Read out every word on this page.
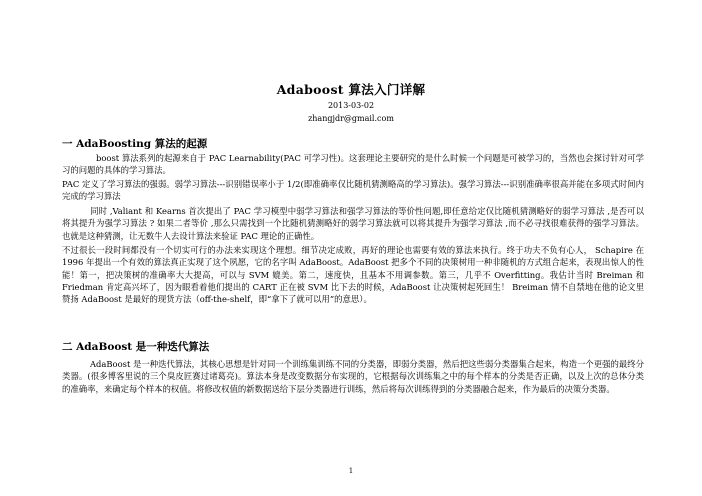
Adaboost 算法入门详解
2013-03-02
zhangjdr@gmail.com
一 AdaBoosting 算法的起源

boost 算法系列的起源来自于 PAC Learnability(PAC 可学习性)。这套理论主要研究的是什么时候一个问题是可被学习的，当然也会探讨针对可学习的问题的具体的学习算法。

PAC 定义了学习算法的强弱。弱学习算法---识别错误率小于 1/2(即准确率仅比随机猜测略高的学习算法)。强学习算法---识别准确率很高并能在多项式时间内完成的学习算法

同时 ,Valiant 和 Kearns 首次提出了 PAC 学习模型中弱学习算法和强学习算法的等价性问题,即任意给定仅比随机猜测略好的弱学习算法 ,是否可以将其提升为强学习算法 ? 如果二者等价 ,那么只需找到一个比随机猜测略好的弱学习算法就可以将其提升为强学习算法 ,而不必寻找很难获得的强学习算法。 也就是这种猜测，让无数牛人去设计算法来验证 PAC 理论的正确性。

不过很长一段时间都没有一个切实可行的办法来实现这个理想。细节决定成败，再好的理论也需要有效的算法来执行。终于功夫不负有心人， Schapire 在 1996 年提出一个有效的算法真正实现了这个夙愿，它的名字叫 AdaBoost。AdaBoost 把多个不同的决策树用一种非随机的方式组合起来，表现出惊人的性能！第一，把决策树的准确率大大提高，可以与 SVM 媲美。第二，速度快，且基本不用调参数。第三，几乎不 Overfitting。我估计当时 Breiman 和 Friedman 肯定高兴坏了，因为眼看着他们提出的 CART 正在被 SVM 比下去的时候，AdaBoost 让决策树起死回生！ Breiman 情不自禁地在他的论文里赞扬 AdaBoost 是最好的现货方法（off-the-shelf，即“拿下了就可以用”的意思）。

二 AdaBoost 是一种迭代算法

AdaBoost 是一种迭代算法，其核心思想是针对同一个训练集训练不同的分类器，即弱分类器，然后把这些弱分类器集合起来，构造一个更强的最终分类器。(很多博客里说的三个臭皮匠赛过诸葛亮)。算法本身是改变数据分布实现的，它根据每次训练集之中的每个样本的分类是否正确，以及上次的总体分类的准确率，来确定每个样本的权值。将修改权值的新数据送给下层分类器进行训练，然后将每次训练得到的分类器融合起来，作为最后的决策分类器。

1
